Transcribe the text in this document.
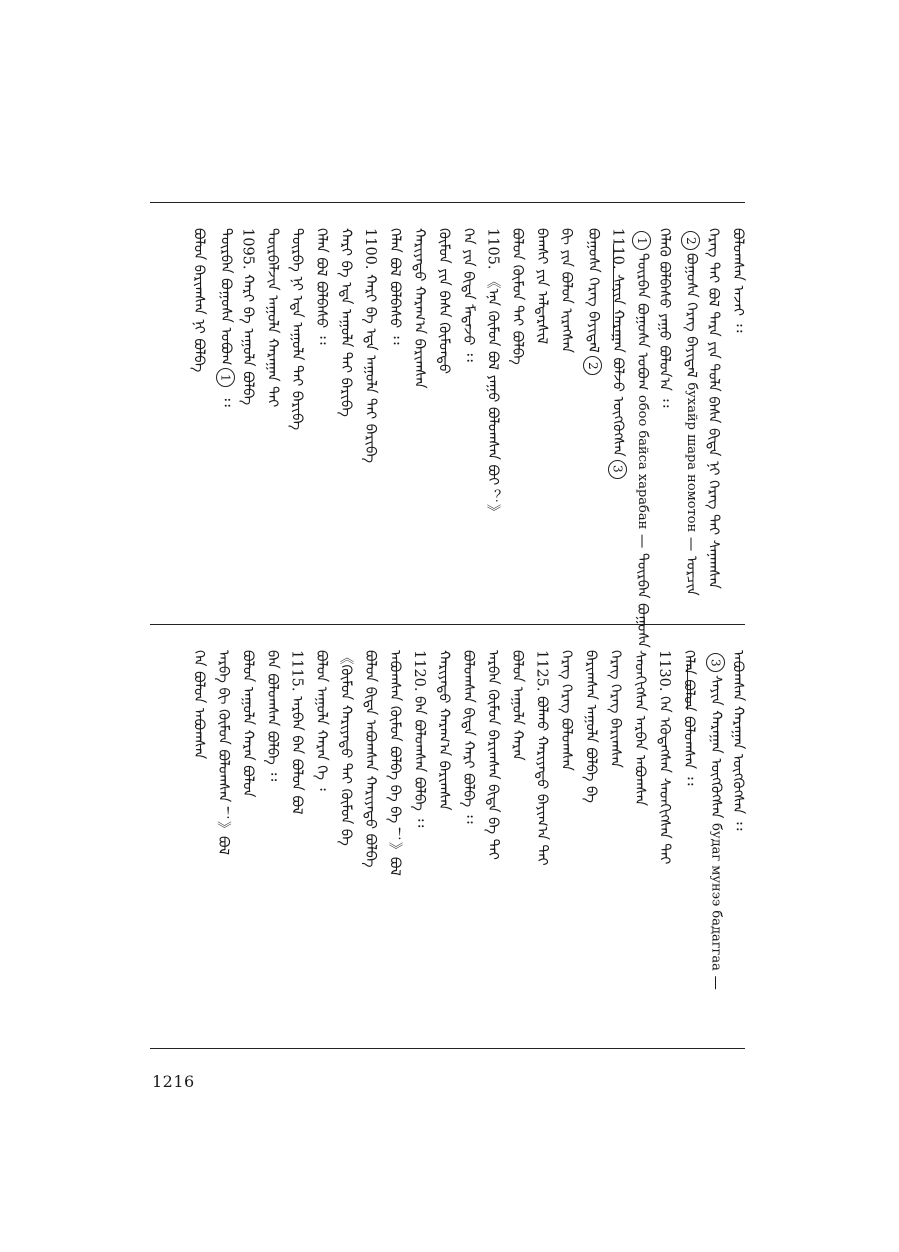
ᠪᠣᠯᠤᠭᠰᠠᠨ ᠠᠵᠠᠢ ᠄᠄
ᠬᠡᠷᠡᠭ ᠲᠠᠢ ᠪᠣᠯ ᠲᠡᠷᠡ ᠶᠢᠨ ᠲᠣᠯᠠ ᠪᠠᠰᠠ ᠪᠢᠳᠡ ᠨᠢ ᠬᠡᠷᠡᠭ ᠲᠡᠢ ᠰᠠᠨᠠᠭᠰᠠᠨ
2ᠪᠣᠭᠤᠰᠠ ᠬᠡᠷᠡᠭ ᠪᠠᠶᠢᠳᠠᠯ бухайр шара номотон — ᠣᠷᠴᠢᠨ
ᠬᠡᠯᠡᠬᠦ ᠪᠣᠯᠪᠠᠰᠤ ᠶᠠᠭᠤ ᠪᠣᠯᠤᠨ᠎ᠠ ᠄᠄
1ᠳᠦᠷᠪᠡᠨ ᠪᠣᠭᠤᠰᠠ ᠣᠪᠣᠭ обоо байса харабан — ᠳᠦᠷᠪᠡᠨ ᠪᠣᠭᠤᠰᠠ
1110. ᠰᠠᠶᠢᠨ ᠬᠠᠷᠠᠭᠠᠨ ᠪᠣᠯᠵᠤ ᠦᠭᠭᠦᠭᠰᠡᠨ3
ᠪᠣᠭᠤᠰᠠ ᠬᠡᠷᠡᠭ ᠪᠠᠶᠢᠳᠠᠯ2
ᠪᠢ ᠶᠢᠨ ᠪᠣᠯᠤᠨ ᠢᠷᠡᠭᠰᠡᠨ
ᠪᠠᠭᠰᠢ ᠶᠢᠨ ᠠᠯᠳᠠᠷᠰᠢᠯ
ᠪᠣᠯᠤᠨ ᠬᠦᠮᠦᠨ ᠲᠡᠢ ᠪᠣᠯᠪᠠ
1105. 《ᠡᠨᠡ ᠬᠦᠮᠦᠨ ᠪᠣᠯ ᠶᠠᠭᠤ ᠪᠣᠯᠤᠭᠰᠠᠨ ᠪᠤᠢ ？》
ᠬᠡᠨ ᠶᠢᠨ ᠪᠢᠳᠡ ᠮᠡᠳᠡᠵᠦ ᠄᠄
ᠬᠦᠮᠦᠨ ᠶᠢᠨ ᠪᠠᠰᠠ ᠬᠦᠮᠦᠨᠳᠦ
ᠬᠠᠷᠢᠶᠠᠲᠤ ᠬᠠᠷᠠᠭ᠎ᠠ ᠪᠠᠷᠢᠭᠰᠠᠨ
ᠬᠡᠯᠡᠨ ᠪᠣᠯ ᠪᠣᠯᠪᠠᠰᠤ ᠄᠄
1100. ᠬᠠᠷᠢ ᠪᠠ ᠡᠳᠡ ᠠᠭᠤᠯᠠ ᠲᠡᠢ ᠪᠠᠷᠢᠪᠠ
ᠬᠠᠷᠢ ᠪᠠ ᠡᠳᠡ ᠠᠭᠤᠯᠠ ᠲᠡᠢ ᠪᠠᠷᠢᠪᠠ
ᠬᠡᠯᠡᠨ ᠪᠣᠯ ᠪᠣᠯᠪᠠᠰᠤ ᠄᠄
ᠳᠦᠷᠪᠡ ᠨᠢ ᠡᠳᠡ ᠠᠭᠤᠯᠠ ᠲᠡᠢ ᠪᠠᠷᠢᠪᠠ
ᠳᠦᠷᠪᠡᠯᠵᠢᠨ ᠠᠭᠤᠯᠠ ᠬᠠᠷᠠᠭᠠᠨ ᠲᠡᠢ
1095. ᠬᠠᠷᠢ ᠪᠠ ᠠᠭᠤᠯᠠ ᠪᠣᠯᠪᠠ
ᠳᠦᠷᠪᠡᠨ ᠪᠣᠭᠤᠰᠠ ᠣᠪᠣᠭ1 ᠄᠄
ᠪᠣᠯᠤᠨ ᠪᠠᠷᠢᠭᠰᠠᠨ ᠨᠢ ᠪᠣᠯᠪᠠ
ᠠᠪᠤᠭᠰᠠᠨ ᠬᠠᠷᠠᠭᠠᠨ ᠦᠭᠭᠦᠭᠰᠡᠨ ᠄᠄
3ᠰᠠᠶᠢᠨ ᠬᠠᠷᠠᠭᠠᠨ ᠦᠭᠭᠦᠭᠰᠡᠨ будаг мунээ бадаггаа —
ᠬᠡᠯᠡᠨ ᠪᠣᠯᠤᠨ ᠪᠣᠯᠤᠭᠰᠠᠨ ᠄᠄
1130. ᠬᠡᠨ ᠡᠭᠦᠳᠡᠭᠰᠡᠨ ᠰᠡᠳᠬᠢᠭᠰᠡᠨ ᠲᠡᠢ
ᠰᠡᠳᠬᠢᠭᠰᠡᠨ ᠠᠷᠪᠠᠨ ᠠᠪᠤᠭᠰᠠᠨ
ᠬᠡᠷᠡᠭ ᠬᠡᠷᠡᠭ ᠪᠠᠷᠢᠭᠰᠠᠨ
ᠪᠠᠷᠢᠭᠰᠠᠨ ᠠᠭᠤᠯᠠ ᠪᠣᠯᠪᠠ ᠪᠠ
ᠬᠡᠷᠡᠭ ᠬᠡᠷᠡᠭ ᠪᠣᠯᠤᠭᠰᠠᠨ
1125. ᠪᠣᠯᠬᠤ ᠬᠠᠷᠢᠶᠠᠲᠤ ᠪᠠᠶᠢᠭ᠎ᠠ ᠲᠡᠢ
ᠪᠣᠯᠤᠨ ᠠᠭᠤᠯᠠ ᠬᠠᠷᠠᠨ
ᠠᠷᠪᠠᠨ ᠬᠦᠮᠦᠨ ᠪᠠᠷᠢᠭᠰᠠᠨ ᠪᠢᠳᠡ ᠪᠠ ᠲᠡᠢ
ᠪᠣᠯᠤᠭᠰᠠᠨ ᠪᠢᠳᠡ ᠬᠠᠷᠢ ᠪᠣᠯᠪᠠ ᠄᠄
ᠬᠠᠷᠢᠶᠠᠲᠤ ᠬᠠᠷᠠᠭ᠎ᠠ ᠪᠠᠷᠢᠭᠰᠠᠨ
1120. ᠪᠠᠨ ᠪᠣᠯᠤᠭᠰᠠᠨ ᠪᠣᠯᠪᠠ ᠄᠄
ᠠᠪᠤᠭᠰᠠᠨ ᠬᠦᠮᠦᠨ ᠪᠣᠯᠪᠠ ᠪᠠ ᠪᠠ ！》ᠪᠣᠯ
ᠪᠣᠯᠤᠨ ᠪᠢᠳᠡ ᠠᠪᠤᠭᠰᠠᠨ ᠬᠠᠷᠢᠶᠠᠲᠤ ᠪᠣᠯᠪᠠ
《ᠬᠦᠮᠦᠨ ᠬᠠᠷᠢᠶᠠᠲᠤ ᠲᠡᠢ ᠬᠦᠮᠦᠨ ᠪᠠ
ᠪᠣᠯᠤᠨ ᠠᠭᠤᠯᠠ ᠬᠠᠷᠠᠨ ᠬᠡ ᠄
1115. ᠠᠷᠪᠠᠨ ᠪᠠᠨ ᠪᠣᠯᠤᠨ ᠪᠣᠯ
ᠪᠠᠨ ᠪᠣᠯᠤᠭᠰᠠᠨ ᠪᠣᠯᠪᠠ ᠄᠄
ᠪᠣᠯᠤᠨ ᠠᠭᠤᠯᠠ ᠬᠠᠷᠠᠨ ᠪᠣᠯᠤᠨ
ᠠᠷᠪᠠ ᠪᠢ ᠬᠦᠮᠦᠨ ᠪᠣᠯᠤᠭᠰᠠᠨ ！》ᠪᠣᠯ
ᠬᠡᠨ ᠪᠣᠯᠤᠨ ᠠᠪᠤᠭᠰᠠᠨ
1216
